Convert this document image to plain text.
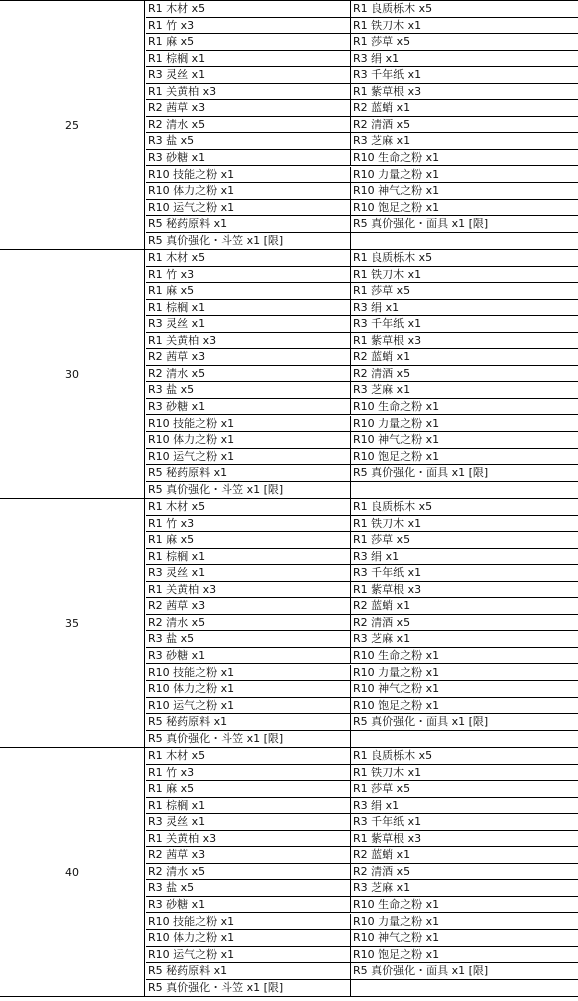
25
R1 木材 x5	R1 良质栎木 x5
R1 竹 x3	R1 铁刀木 x1
R1 麻 x5	R1 莎草 x5
R1 棕榈 x1	R3 绢 x1
R3 灵丝 x1	R3 千年纸 x1
R1 关黄柏 x3	R1 紫草根 x3
R2 茜草 x3	R2 蓝蛸 x1
R2 清水 x5	R2 清酒 x5
R3 盐 x5	R3 芝麻 x1
R3 砂糖 x1	R10 生命之粉 x1
R10 技能之粉 x1	R10 力量之粉 x1
R10 体力之粉 x1	R10 神气之粉 x1
R10 运气之粉 x1	R10 饱足之粉 x1
R5 秘药原料 x1	R5 真价强化・面具 x1 [限]
R5 真价强化・斗笠 x1 [限]
30
R1 木材 x5	R1 良质栎木 x5
R1 竹 x3	R1 铁刀木 x1
R1 麻 x5	R1 莎草 x5
R1 棕榈 x1	R3 绢 x1
R3 灵丝 x1	R3 千年纸 x1
R1 关黄柏 x3	R1 紫草根 x3
R2 茜草 x3	R2 蓝蛸 x1
R2 清水 x5	R2 清酒 x5
R3 盐 x5	R3 芝麻 x1
R3 砂糖 x1	R10 生命之粉 x1
R10 技能之粉 x1	R10 力量之粉 x1
R10 体力之粉 x1	R10 神气之粉 x1
R10 运气之粉 x1	R10 饱足之粉 x1
R5 秘药原料 x1	R5 真价强化・面具 x1 [限]
R5 真价强化・斗笠 x1 [限]
35
R1 木材 x5	R1 良质栎木 x5
R1 竹 x3	R1 铁刀木 x1
R1 麻 x5	R1 莎草 x5
R1 棕榈 x1	R3 绢 x1
R3 灵丝 x1	R3 千年纸 x1
R1 关黄柏 x3	R1 紫草根 x3
R2 茜草 x3	R2 蓝蛸 x1
R2 清水 x5	R2 清酒 x5
R3 盐 x5	R3 芝麻 x1
R3 砂糖 x1	R10 生命之粉 x1
R10 技能之粉 x1	R10 力量之粉 x1
R10 体力之粉 x1	R10 神气之粉 x1
R10 运气之粉 x1	R10 饱足之粉 x1
R5 秘药原料 x1	R5 真价强化・面具 x1 [限]
R5 真价强化・斗笠 x1 [限]
40
R1 木材 x5	R1 良质栎木 x5
R1 竹 x3	R1 铁刀木 x1
R1 麻 x5	R1 莎草 x5
R1 棕榈 x1	R3 绢 x1
R3 灵丝 x1	R3 千年纸 x1
R1 关黄柏 x3	R1 紫草根 x3
R2 茜草 x3	R2 蓝蛸 x1
R2 清水 x5	R2 清酒 x5
R3 盐 x5	R3 芝麻 x1
R3 砂糖 x1	R10 生命之粉 x1
R10 技能之粉 x1	R10 力量之粉 x1
R10 体力之粉 x1	R10 神气之粉 x1
R10 运气之粉 x1	R10 饱足之粉 x1
R5 秘药原料 x1	R5 真价强化・面具 x1 [限]
R5 真价强化・斗笠 x1 [限]
